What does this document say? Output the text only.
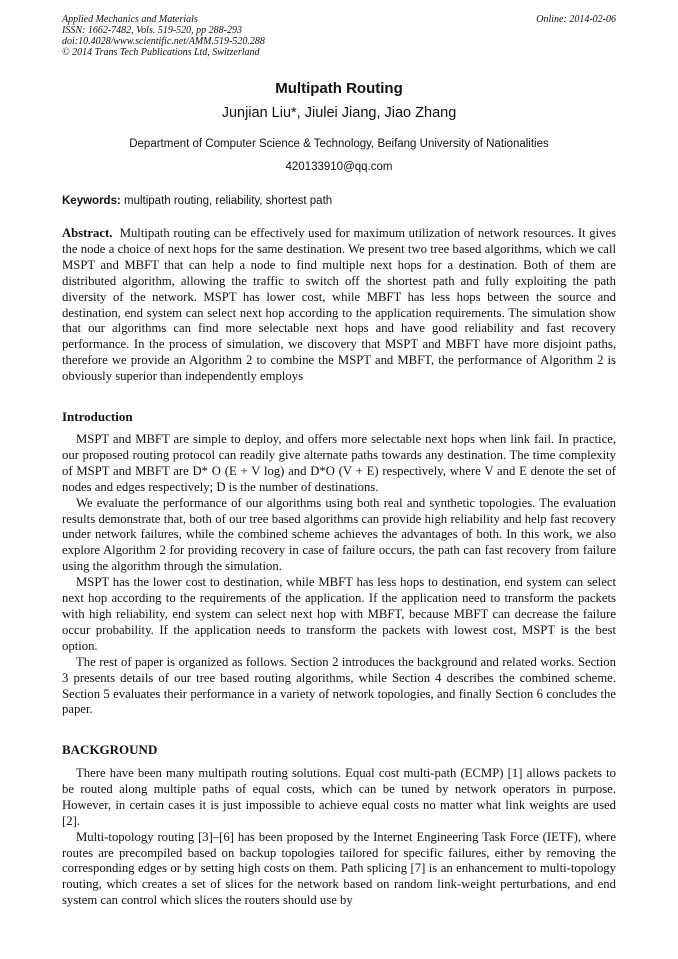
Applied Mechanics and Materials
ISSN: 1662-7482, Vols. 519-520, pp 288-293
doi:10.4028/www.scientific.net/AMM.519-520.288
© 2014 Trans Tech Publications Ltd, Switzerland
Online: 2014-02-06
Multipath Routing
Junjian Liu*, Jiulei Jiang, Jiao Zhang
Department of Computer Science & Technology, Beifang University of Nationalities
420133910@qq.com
Keywords: multipath routing, reliability, shortest path

Abstract. Multipath routing can be effectively used for maximum utilization of network resources. It gives the node a choice of next hops for the same destination. We present two tree based algorithms, which we call MSPT and MBFT that can help a node to find multiple next hops for a destination. Both of them are distributed algorithm, allowing the traffic to switch off the shortest path and fully exploiting the path diversity of the network. MSPT has lower cost, while MBFT has less hops between the source and destination, end system can select next hop according to the application requirements. The simulation show that our algorithms can find more selectable next hops and have good reliability and fast recovery performance. In the process of simulation, we discovery that MSPT and MBFT have more disjoint paths, therefore we provide an Algorithm 2 to combine the MSPT and MBFT, the performance of Algorithm 2 is obviously superior than independently employs

Introduction

MSPT and MBFT are simple to deploy, and offers more selectable next hops when link fail. In practice, our proposed routing protocol can readily give alternate paths towards any destination. The time complexity of MSPT and MBFT are D* O (E + V log) and D*O (V + E) respectively, where V and E denote the set of nodes and edges respectively; D is the number of destinations.

We evaluate the performance of our algorithms using both real and synthetic topologies. The evaluation results demonstrate that, both of our tree based algorithms can provide high reliability and help fast recovery under network failures, while the combined scheme achieves the advantages of both. In this work, we also explore Algorithm 2 for providing recovery in case of failure occurs, the path can fast recovery from failure using the algorithm through the simulation.

MSPT has the lower cost to destination, while MBFT has less hops to destination, end system can select next hop according to the requirements of the application. If the application need to transform the packets with high reliability, end system can select next hop with MBFT, because MBFT can decrease the failure occur probability. If the application needs to transform the packets with lowest cost, MSPT is the best option.

The rest of paper is organized as follows. Section 2 introduces the background and related works. Section 3 presents details of our tree based routing algorithms, while Section 4 describes the combined scheme. Section 5 evaluates their performance in a variety of network topologies, and finally Section 6 concludes the paper.

BACKGROUND

There have been many multipath routing solutions. Equal cost multi-path (ECMP) [1] allows packets to be routed along multiple paths of equal costs, which can be tuned by network operators in purpose. However, in certain cases it is just impossible to achieve equal costs no matter what link weights are used [2].

Multi-topology routing [3]–[6] has been proposed by the Internet Engineering Task Force (IETF), where routes are precompiled based on backup topologies tailored for specific failures, either by removing the corresponding edges or by setting high costs on them. Path splicing [7] is an enhancement to multi-topology routing, which creates a set of slices for the network based on random link-weight perturbations, and end system can control which slices the routers should use by
